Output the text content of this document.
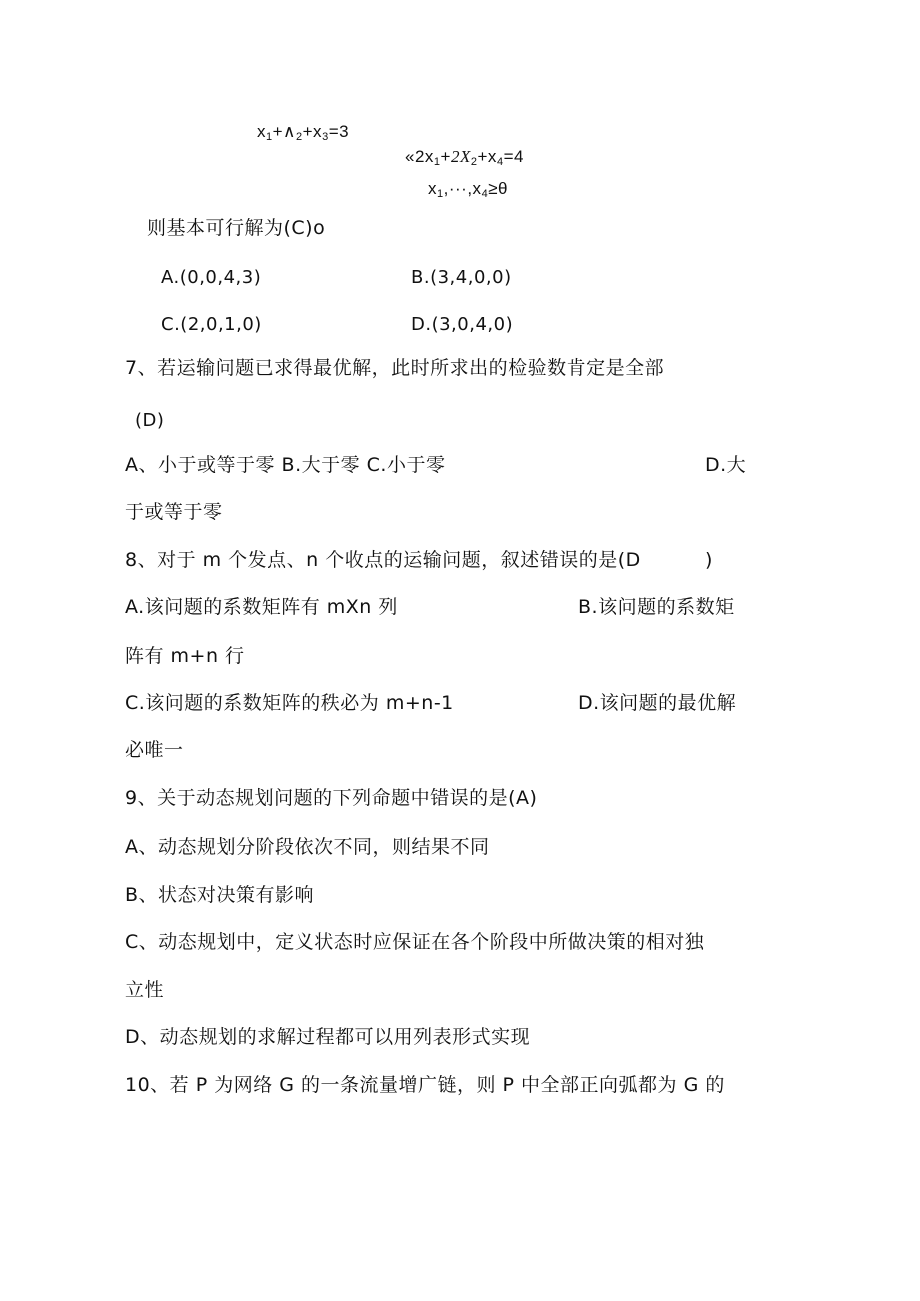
$x_1+\wedge_2+x_3=3$
«$2x_1+2X_2+x_4=4$
$x_1,\cdot\cdot\cdot,x_4\ge\theta$
则基本可行解为(C)o
A.(0,0,4,3)	B.(3,4,0,0)
C.(2,0,1,0)	D.(3,0,4,0)
7、若运输问题已求得最优解，此时所求出的检验数肯定是全部
(D)
A、小于或等于零 B.大于零 C.小于零	D.大
于或等于零
8、对于 m 个发点、n 个收点的运输问题，叙述错误的是(D	)
A.该问题的系数矩阵有 mXn 列	B.该问题的系数矩
阵有 m+n 行
C.该问题的系数矩阵的秩必为 m+n-1	D.该问题的最优解
必唯一
9、关于动态规划问题的下列命题中错误的是(A)
A、动态规划分阶段依次不同，则结果不同
B、状态对决策有影响
C、动态规划中，定义状态时应保证在各个阶段中所做决策的相对独
立性
D、动态规划的求解过程都可以用列表形式实现
10、若 P 为网络 G 的一条流量增广链，则 P 中全部正向弧都为 G 的
